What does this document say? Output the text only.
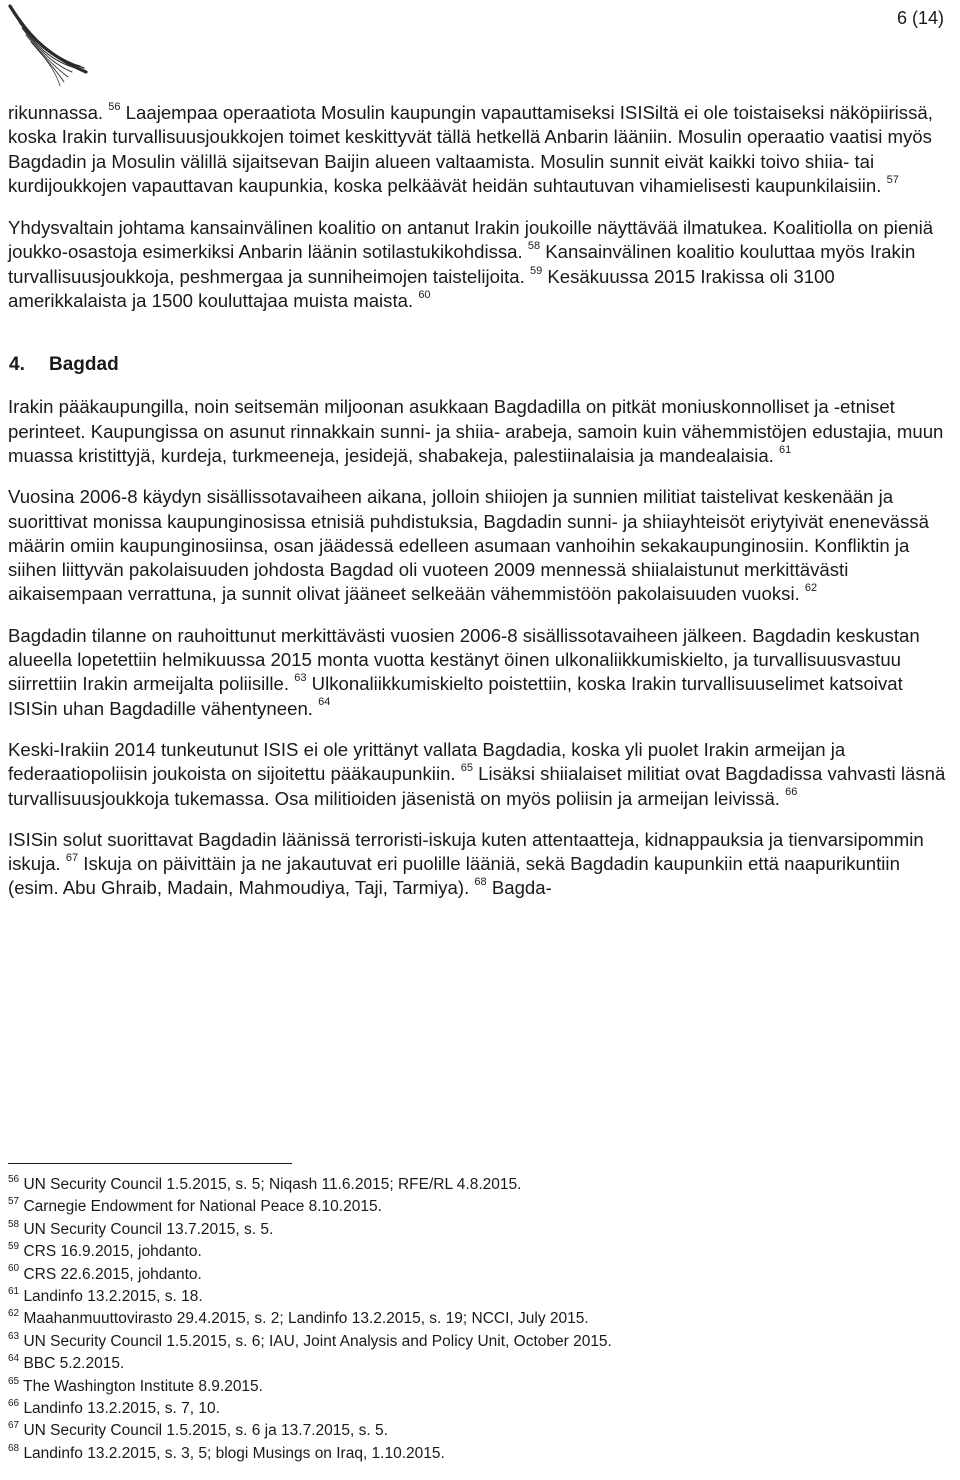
6 (14)

rikunnassa. $^{56}$ Laajempaa operaatiota Mosulin kaupungin vapauttamiseksi ISISiltä ei ole toistaiseksi näköpiirissä, koska Irakin turvallisuusjoukkojen toimet keskittyvät tällä hetkellä Anbarin lääniin. Mosulin operaatio vaatisi myös Bagdadin ja Mosulin välillä sijaitsevan Baijin alueen valtaamista. Mosulin sunnit eivät kaikki toivo shiia- tai kurdijoukkojen vapauttavan kaupunkia, koska pelkäävät heidän suhtautuvan vihamielisesti kaupunkilaisiin. $^{57}$

Yhdysvaltain johtama kansainvälinen koalitio on antanut Irakin joukoille näyttävää ilmatukea. Koalitiolla on pieniä joukko-osastoja esimerkiksi Anbarin läänin sotilastukikohdissa. $^{58}$ Kansainvälinen koalitio kouluttaa myös Irakin turvallisuusjoukkoja, peshmergaa ja sunniheimojen taistelijoita. $^{59}$ Kesäkuussa 2015 Irakissa oli 3100 amerikkalaista ja 1500 kouluttajaa muista maista. $^{60}$

4. Bagdad

Irakin pääkaupungilla, noin seitsemän miljoonan asukkaan Bagdadilla on pitkät moniuskonnolliset ja -etniset perinteet. Kaupungissa on asunut rinnakkain sunni- ja shiia- arabeja, samoin kuin vähemmistöjen edustajia, muun muassa kristittyjä, kurdeja, turkmeeneja, jesidejä, shabakeja, palestiinalaisia ja mandealaisia. $^{61}$

Vuosina 2006-8 käydyn sisällissotavaiheen aikana, jolloin shiiojen ja sunnien militiat taistelivat keskenään ja suorittivat monissa kaupunginosissa etnisiä puhdistuksia, Bagdadin sunni- ja shiiayhteisöt eriytyivät enenevässä määrin omiin kaupunginosiinsa, osan jäädessä edelleen asumaan vanhoihin sekakaupunginosiin. Konfliktin ja siihen liittyvän pakolaisuuden johdosta Bagdad oli vuoteen 2009 mennessä shiialaistunut merkittävästi aikaisempaan verrattuna, ja sunnit olivat jääneet selkeään vähemmistöön pakolaisuuden vuoksi. $^{62}$

Bagdadin tilanne on rauhoittunut merkittävästi vuosien 2006-8 sisällissotavaiheen jälkeen. Bagdadin keskustan alueella lopetettiin helmikuussa 2015 monta vuotta kestänyt öinen ulkonaliikkumiskielto, ja turvallisuusvastuu siirrettiin Irakin armeijalta poliisille. $^{63}$ Ulkonaliikkumiskielto poistettiin, koska Irakin turvallisuuselimet katsoivat ISISin uhan Bagdadille vähentyneen. $^{64}$

Keski-Irakiin 2014 tunkeutunut ISIS ei ole yrittänyt vallata Bagdadia, koska yli puolet Irakin armeijan ja federaatiopoliisin joukoista on sijoitettu pääkaupunkiin. $^{65}$ Lisäksi shiialaiset militiat ovat Bagdadissa vahvasti läsnä turvallisuusjoukkoja tukemassa. Osa militioiden jäsenistä on myös poliisin ja armeijan leivissä. $^{66}$

ISISin solut suorittavat Bagdadin läänissä terroristi-iskuja kuten attentaatteja, kidnappauksia ja tienvarsipommin iskuja. $^{67}$ Iskuja on päivittäin ja ne jakautuvat eri puolille lääniä, sekä Bagdadin kaupunkiin että naapurikuntiin (esim. Abu Ghraib, Madain, Mahmoudiya, Taji, Tarmiya). $^{68}$ Bagda-

$^{56}$ UN Security Council 1.5.2015, s. 5; Niqash 11.6.2015; RFE/RL 4.8.2015.
$^{57}$ Carnegie Endowment for National Peace 8.10.2015.
$^{58}$ UN Security Council 13.7.2015, s. 5.
$^{59}$ CRS 16.9.2015, johdanto.
$^{60}$ CRS 22.6.2015, johdanto.
$^{61}$ Landinfo 13.2.2015, s. 18.
$^{62}$ Maahanmuuttovirasto 29.4.2015, s. 2; Landinfo 13.2.2015, s. 19; NCCI, July 2015.
$^{63}$ UN Security Council 1.5.2015, s. 6; IAU, Joint Analysis and Policy Unit, October 2015.
$^{64}$ BBC 5.2.2015.
$^{65}$ The Washington Institute 8.9.2015.
$^{66}$ Landinfo 13.2.2015, s. 7, 10.
$^{67}$ UN Security Council 1.5.2015, s. 6 ja 13.7.2015, s. 5.
$^{68}$ Landinfo 13.2.2015, s. 3, 5; blogi Musings on Iraq, 1.10.2015.
